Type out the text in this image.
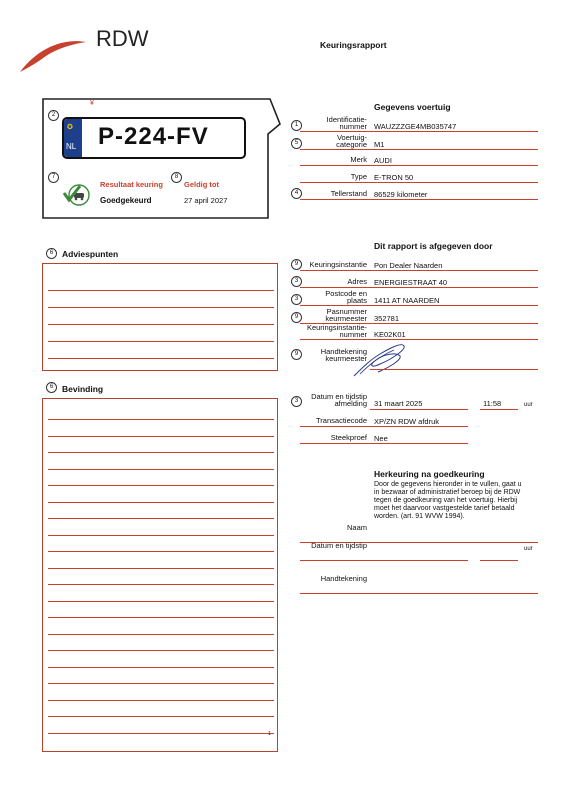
RDW	Keuringsrapport
2
¥
✪
NL P-224-FV
7
Resultaat keuring
8
Geldig tot
Goedgekeurd	27 april 2027
6	Adviespunten
6	Bevinding
1
Gegevens voertuig
1
Identificatie-
nummer WAUZZZGE4MB035747
5
Voertuig-
categorie M1
Merk AUDI
Type E-TRON 50
4	Tellerstand 86529 kilometer
Dit rapport is afgegeven door
9	Keuringsinstantie Pon Dealer Naarden
3	Adres ENERGIESTRAAT 40
3
Postcode en
plaats 1411 AT NAARDEN
9
Pasnummer
keurmeester 352781
Keuringsinstantie-
nummer KE02K01
9	Handtekening
keurmeester
3	Datum en tijdstip
afmelding 31 maart 2025	11:58	uur
Transactiecode XP/ZN RDW afdruk
Steekproef Nee
Herkeuring na goedkeuring
Door de gegevens hieronder in te vullen, gaat u
in bezwaar of administratief beroep bij de RDW
tegen de goedkeuring van het voertuig. Hierbij
moet het daarvoor vastgestelde tarief betaald
worden. (art. 91 WVW 1994).
Naam
Datum en tijdstip	uur
Handtekening
